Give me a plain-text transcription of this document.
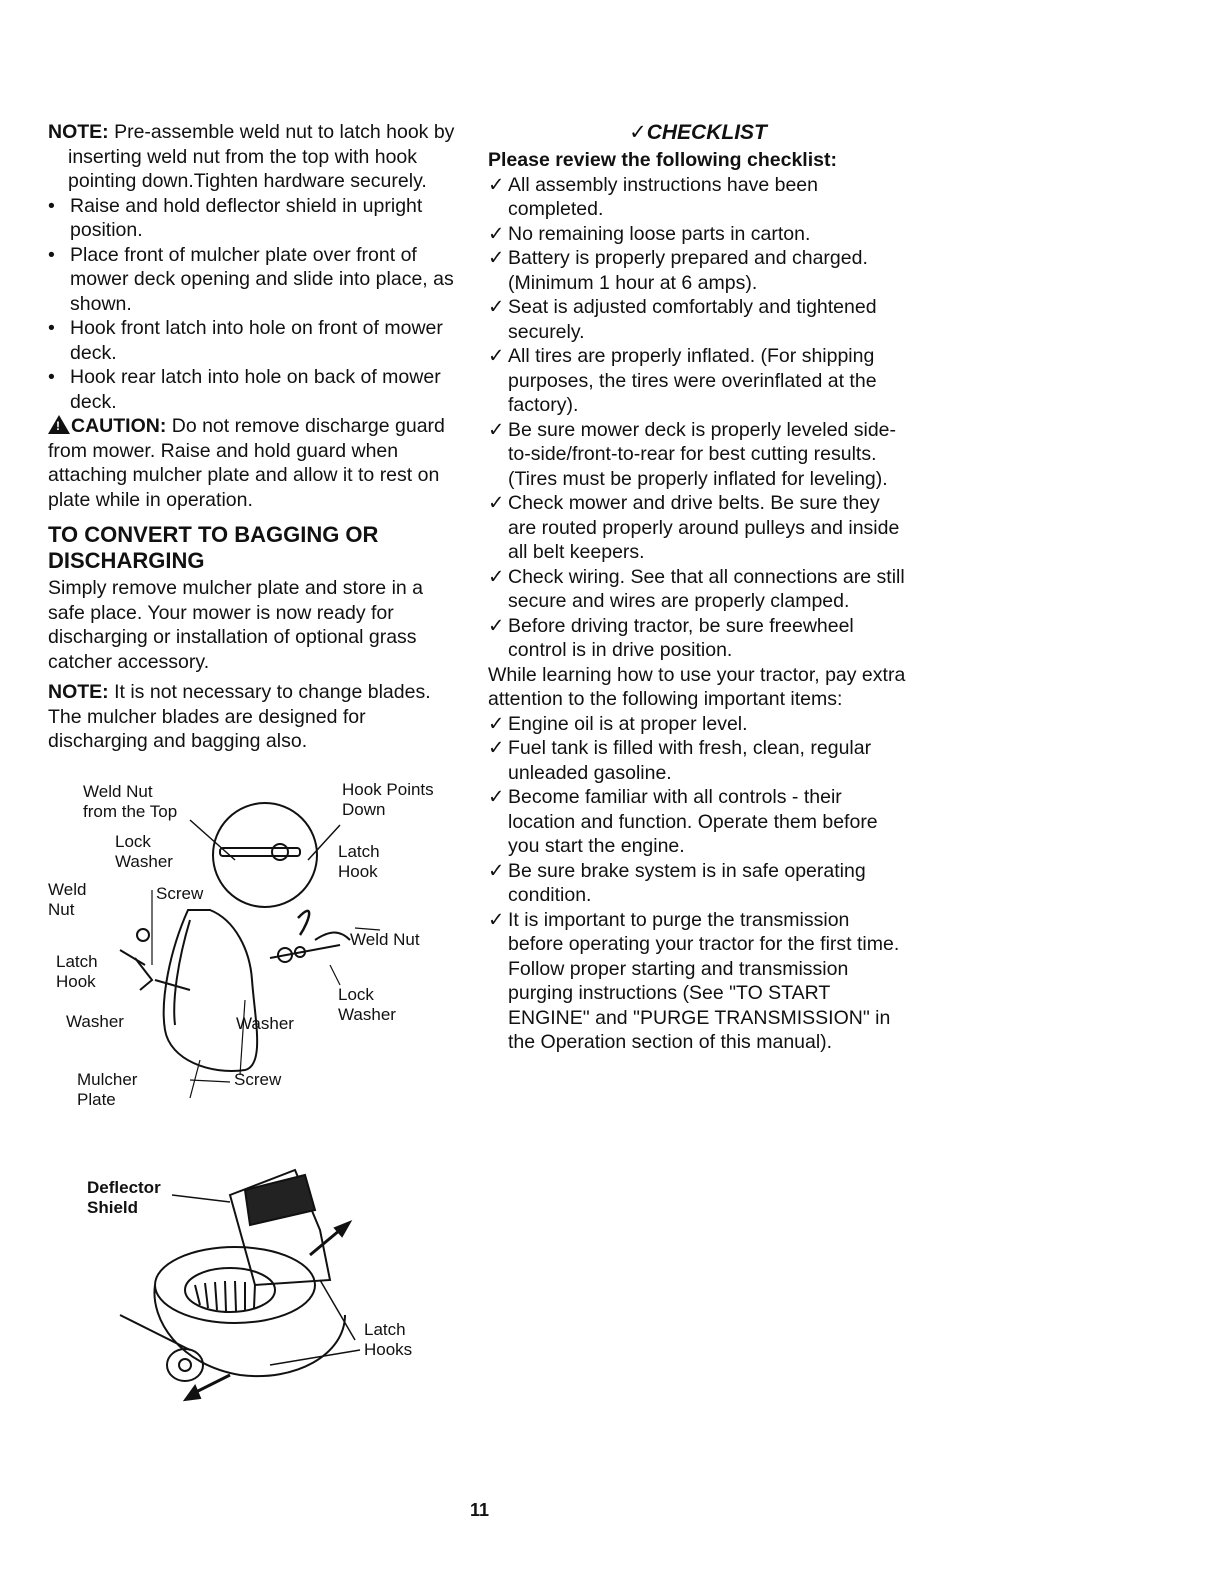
NOTE: Pre-assemble weld nut to latch hook by inserting weld nut from the top with hook pointing down.Tighten hardware securely.

• Raise and hold deflector shield in upright position.

• Place front of mulcher plate over front of mower deck opening and slide into place, as shown.

• Hook front latch into hole on front of mower deck.

• Hook rear latch into hole on back of mower deck.

!CAUTION: Do not remove discharge guard from mower. Raise and hold guard when attaching mulcher plate and allow it to rest on plate while in operation.

TO CONVERT TO BAGGING OR DISCHARGING

Simply remove mulcher plate and store in a safe place. Your mower is now ready for discharging or installation of optional grass catcher accessory.

NOTE: It is not necessary to change blades. The mulcher blades are designed for discharging and bagging also.

Weld Nut
from the Top
Lock
Washer
Weld
Nut
Screw
Latch
Hook
Washer
Mulcher
Plate
Screw
Washer
Hook Points
Down
Latch
Hook
Weld Nut
Lock
Washer
Deflector
Shield
Latch
Hooks
✓CHECKLIST

Please review the following checklist:

✓ All assembly instructions have been completed.

✓ No remaining loose parts in carton.

✓ Battery is properly prepared and charged. (Minimum 1 hour at 6 amps).

✓ Seat is adjusted comfortably and tightened securely.

✓ All tires are properly inflated. (For shipping purposes, the tires were overinflated at the factory).

✓ Be sure mower deck is properly leveled side-to-side/front-to-rear for best cutting results. (Tires must be properly inflated for leveling).

✓ Check mower and drive belts. Be sure they are routed properly around pulleys and inside all belt keepers.

✓ Check wiring. See that all connections are still secure and wires are properly clamped.

✓ Before driving tractor, be sure freewheel control is in drive position.

While learning how to use your tractor, pay extra attention to the following important items:

✓ Engine oil is at proper level.

✓ Fuel tank is filled with fresh, clean, regular unleaded gasoline.

✓ Become familiar with all controls - their location and function. Operate them before you start the engine.

✓ Be sure brake system is in safe operating condition.

✓ It is important to purge the transmission before operating your tractor for the first time. Follow proper starting and transmission purging instructions (See "TO START ENGINE" and "PURGE TRANSMISSION" in the Operation section of this manual).

11
